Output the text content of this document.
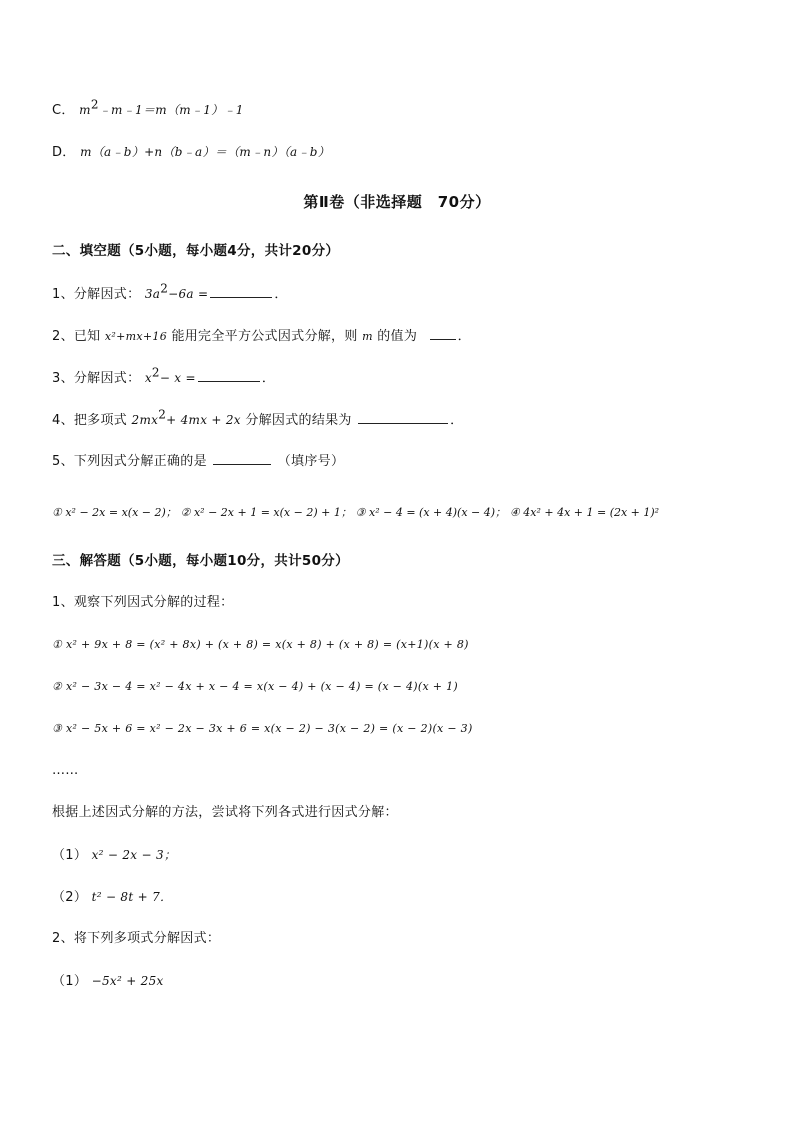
C． $m^2﹣m﹣1=m(m﹣1)﹣1$
D． m（a﹣b）+n（b﹣a）＝（m﹣n）（a﹣b）
第Ⅱ卷（非选择题　70分）
二、填空题（5小题，每小题4分，共计20分）
1、分解因式： $3a^2-6a$ =	．
2、已知 x²+mx+16 能用完全平方公式因式分解，则 m 的值为	．
3、分解因式： $x^2- x$ =	．
4、把多项式 $2mx^2+ 4mx + 2x$ 分解因式的结果为	．
5、下列因式分解正确的是	（填序号）
① x² − 2x = x(x − 2)； ② x² − 2x + 1 = x(x − 2) + 1； ③ x² − 4 = (x + 4)(x − 4)； ④ 4x² + 4x + 1 = (2x + 1)²
三、解答题（5小题，每小题10分，共计50分）
1、观察下列因式分解的过程：
① x² + 9x + 8 = (x² + 8x) + (x + 8) = x(x + 8) + (x + 8) = (x+1)(x + 8)
② x² − 3x − 4 = x² − 4x + x − 4 = x(x − 4) + (x − 4) = (x − 4)(x + 1)
③ x² − 5x + 6 = x² − 2x − 3x + 6 = x(x − 2) − 3(x − 2) = (x − 2)(x − 3)
……
根据上述因式分解的方法，尝试将下列各式进行因式分解：
（1） x² − 2x − 3；
（2） t² − 8t + 7．
2、将下列多项式分解因式：
（1） −5x² + 25x
